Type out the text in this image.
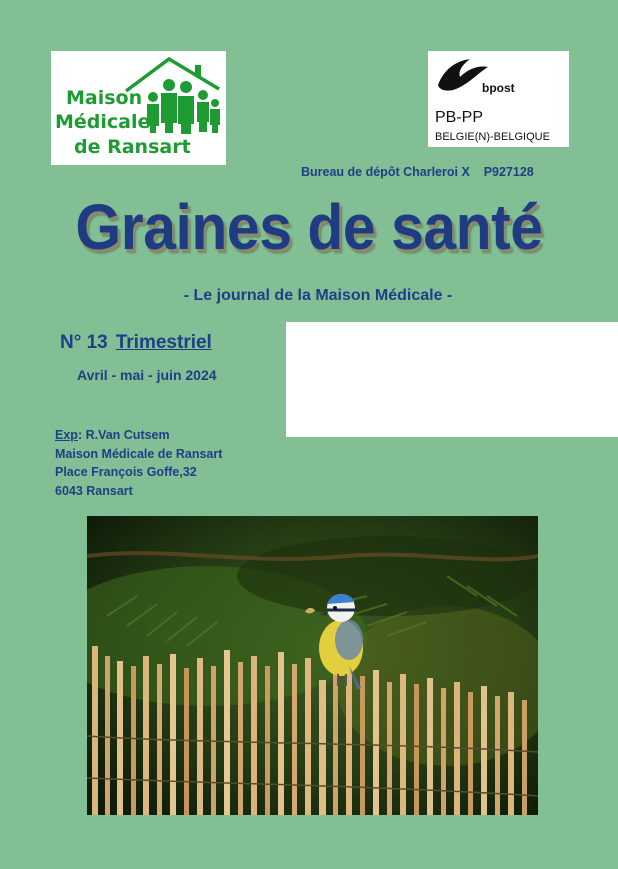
Maison
Médicale
de Ransart
bpost
PB-PP
BELGIE(N)-BELGIQUE
Bureau de dépôt Charleroi X P927128
Graines de santé
- Le journal de la Maison Médicale -
N° 13 Trimestriel
Avril - mai - juin 2024
Exp: R.Van Cutsem
Maison Médicale de Ransart
Place François Goffe,32
6043 Ransart
